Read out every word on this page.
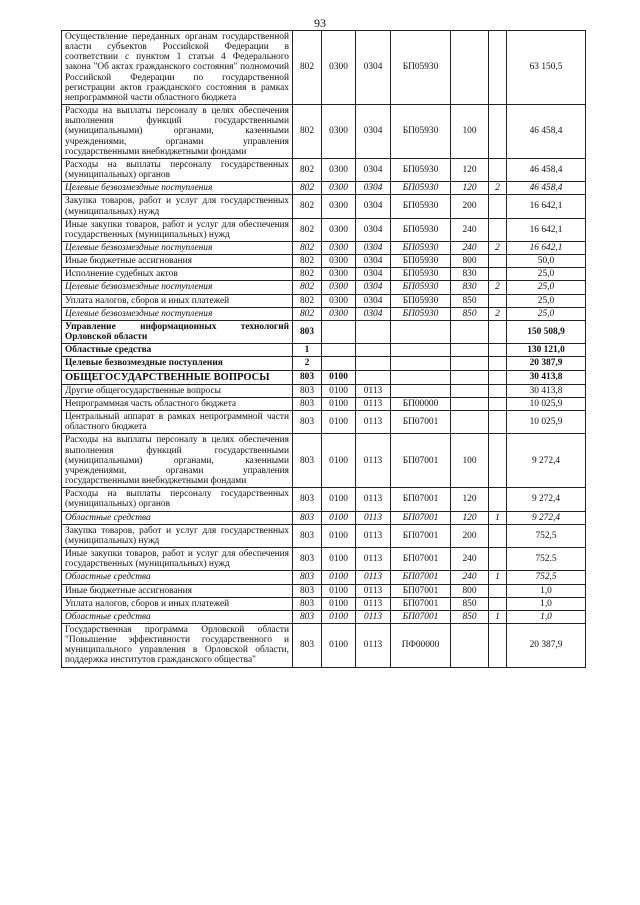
93
Осуществление переданных органам государственной власти субъектов Российской Федерации в соответствии с пунктом 1 статьи 4 Федерального закона "Об актах гражданского состояния" полномочий Российской Федерации по государственной регистрации актов гражданского состояния в рамках непрограммной части областного бюджета	802	0300	0304	БП05930			63 150,5
Расходы на выплаты персоналу в целях обеспечения выполнения функций государственными (муниципальными) органами, казенными учреждениями, органами управления государственными внебюджетными фондами	802	0300	0304	БП05930	100		46 458,4
Расходы на выплаты персоналу государственных (муниципальных) органов	802	0300	0304	БП05930	120		46 458,4
Целевые безвозмездные поступления	802	0300	0304	БП05930	120	2	46 458,4
Закупка товаров, работ и услуг для государственных (муниципальных) нужд	802	0300	0304	БП05930	200		16 642,1
Иные закупки товаров, работ и услуг для обеспечения государственных (муниципальных) нужд	802	0300	0304	БП05930	240		16 642,1
Целевые безвозмездные поступления	802	0300	0304	БП05930	240	2	16 642,1
Иные бюджетные ассигнования	802	0300	0304	БП05930	800		50,0
Исполнение судебных актов	802	0300	0304	БП05930	830		25,0
Целевые безвозмездные поступления	802	0300	0304	БП05930	830	2	25,0
Уплата налогов, сборов и иных платежей	802	0300	0304	БП05930	850		25,0
Целевые безвозмездные поступления	802	0300	0304	БП05930	850	2	25,0
Управление информационных технологий Орловской области	803						150 508,9
Областные средства	1						130 121,0
Целевые безвозмездные поступления	2						20 387,9
ОБЩЕГОСУДАРСТВЕННЫЕ ВОПРОСЫ	803	0100					30 413,8
Другие общегосударственные вопросы	803	0100	0113				30 413,8
Непрограммная часть областного бюджета	803	0100	0113	БП00000			10 025,9
Центральный аппарат в рамках непрограммной части областного бюджета	803	0100	0113	БП07001			10 025,9
Расходы на выплаты персоналу в целях обеспечения выполнения функций государственными (муниципальными) органами, казенными учреждениями, органами управления государственными внебюджетными фондами	803	0100	0113	БП07001	100		9 272,4
Расходы на выплаты персоналу государственных (муниципальных) органов	803	0100	0113	БП07001	120		9 272,4
Областные средства	803	0100	0113	БП07001	120	1	9 272,4
Закупка товаров, работ и услуг для государственных (муниципальных) нужд	803	0100	0113	БП07001	200		752,5
Иные закупки товаров, работ и услуг для обеспечения государственных (муниципальных) нужд	803	0100	0113	БП07001	240		752.5
Областные средства	803	0100	0113	БП07001	240	1	752,5
Иные бюджетные ассигнования	803	0100	0113	БП07001	800		1,0
Уплата налогов, сборов и иных платежей	803	0100	0113	БП07001	850		1,0
Областные средства	803	0100	0113	БП07001	850	1	1,0
Государственная программа Орловской области "Повышение эффективности государственного и муниципального управления в Орловской области, поддержка институтов гражданского общества"	803	0100	0113	ПФ00000			20 387,9
